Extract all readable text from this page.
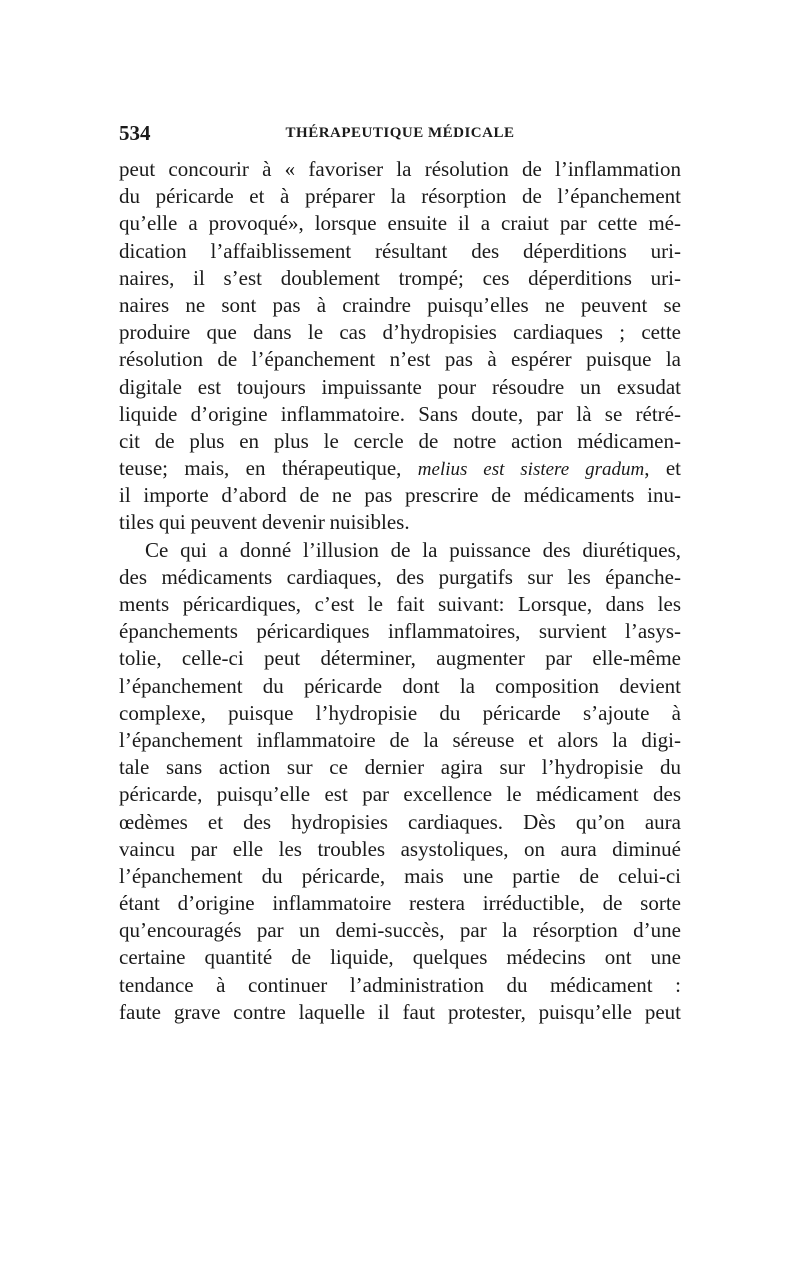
534	THÉRAPEUTIQUE MÉDICALE
peut concourir à « favoriser la résolution de l’inflammation
du péricarde et à préparer la résorption de l’épanchement
qu’elle a provoqué», lorsque ensuite il a craiut par cette mé-
dication l’affaiblissement résultant des déperditions uri-
naires, il s’est doublement trompé; ces déperditions uri-
naires ne sont pas à craindre puisqu’elles ne peuvent se
produire que dans le cas d’hydropisies cardiaques ; cette
résolution de l’épanchement n’est pas à espérer puisque la
digitale est toujours impuissante pour résoudre un exsudat
liquide d’origine inflammatoire. Sans doute, par là se rétré-
cit de plus en plus le cercle de notre action médicamen-
teuse; mais, en thérapeutique, melius est sistere gradum, et
il importe d’abord de ne pas prescrire de médicaments inu-
tiles qui peuvent devenir nuisibles.
Ce qui a donné l’illusion de la puissance des diurétiques,
des médicaments cardiaques, des purgatifs sur les épanche-
ments péricardiques, c’est le fait suivant: Lorsque, dans les
épanchements péricardiques inflammatoires, survient l’asys-
tolie, celle-ci peut déterminer, augmenter par elle-même
l’épanchement du péricarde dont la composition devient
complexe, puisque l’hydropisie du péricarde s’ajoute à
l’épanchement inflammatoire de la séreuse et alors la digi-
tale sans action sur ce dernier agira sur l’hydropisie du
péricarde, puisqu’elle est par excellence le médicament des
œdèmes et des hydropisies cardiaques. Dès qu’on aura
vaincu par elle les troubles asystoliques, on aura diminué
l’épanchement du péricarde, mais une partie de celui-ci
étant d’origine inflammatoire restera irréductible, de sorte
qu’encouragés par un demi-succès, par la résorption d’une
certaine quantité de liquide, quelques médecins ont une
tendance à continuer l’administration du médicament :
faute grave contre laquelle il faut protester, puisqu’elle peut
